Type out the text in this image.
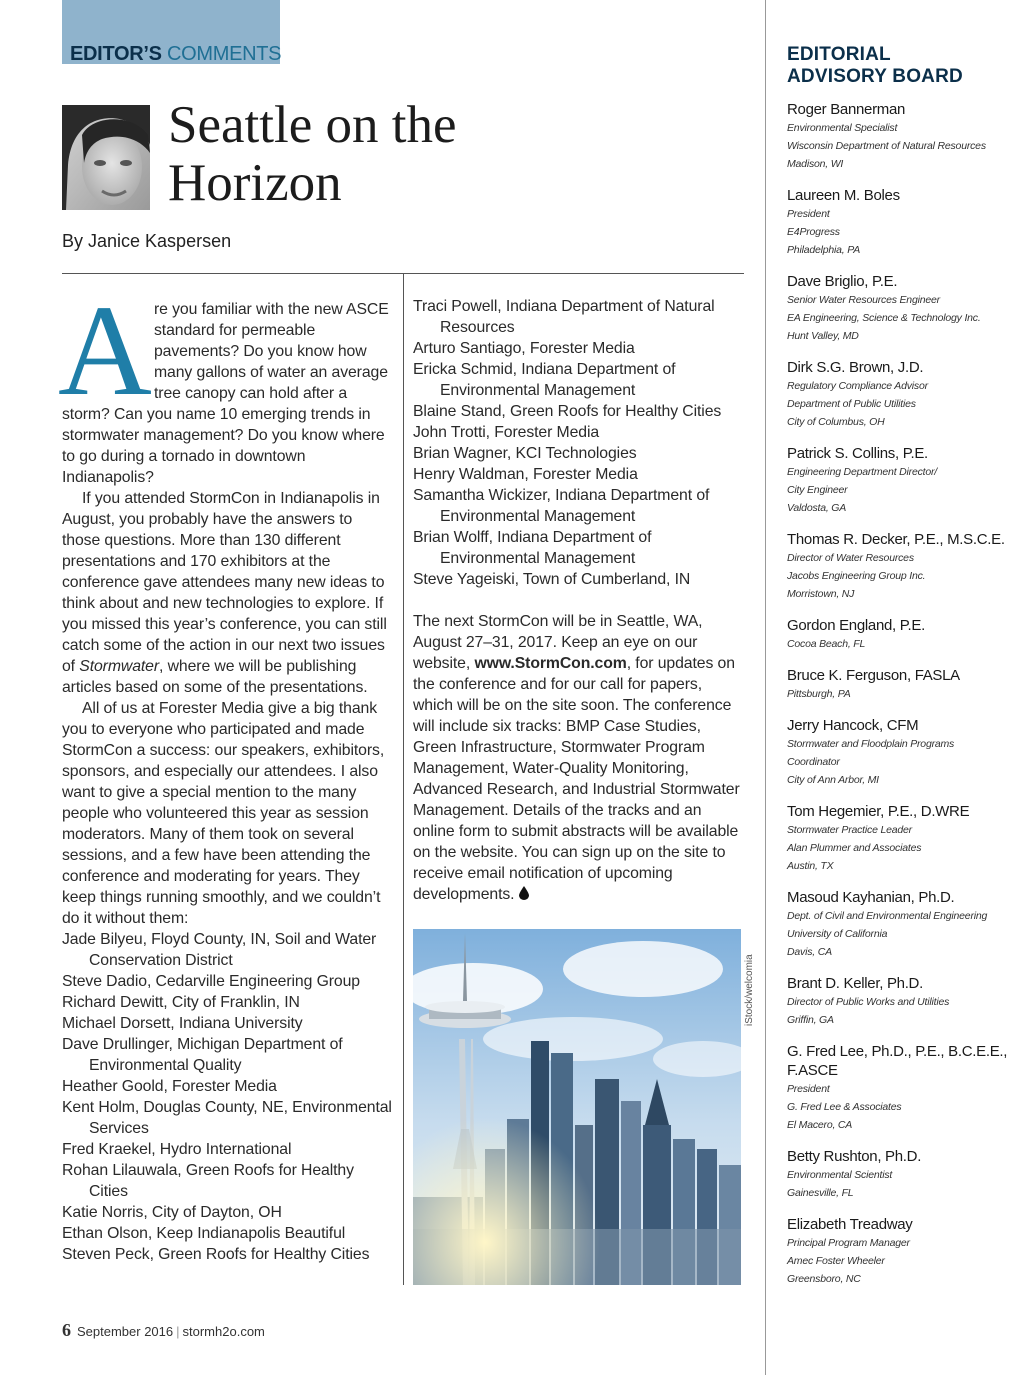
EDITOR’S COMMENTS
Seattle on the
Horizon
By Janice Kaspersen
A re you familiar with the new ASCE standard for permeable pavements? Do you know how many gallons of water an average tree canopy can hold after a storm? Can you name 10 emerging trends in stormwater management? Do you know where to go during a tornado in downtown Indianapolis?

If you attended StormCon in Indianapolis in August, you probably have the answers to those questions. More than 130 different presentations and 170 exhibitors at the conference gave attendees many new ideas to think about and new technologies to explore. If you missed this year’s conference, you can still catch some of the action in our next two issues of Stormwater, where we will be publishing articles based on some of the presentations.

All of us at Forester Media give a big thank you to everyone who participated and made StormCon a success: our speakers, exhibitors, sponsors, and especially our attendees. I also want to give a special mention to the many people who volunteered this year as session moderators. Many of them took on several sessions, and a few have been attending the conference and moderating for years. They keep things running smoothly, and we couldn’t do it without them:

Jade Bilyeu, Floyd County, IN, Soil and Water Conservation District
Steve Dadio, Cedarville Engineering Group
Richard Dewitt, City of Franklin, IN
Michael Dorsett, Indiana University
Dave Drullinger, Michigan Department of Environmental Quality
Heather Goold, Forester Media
Kent Holm, Douglas County, NE, Environmental Services
Fred Kraekel, Hydro International
Rohan Lilauwala, Green Roofs for Healthy Cities
Katie Norris, City of Dayton, OH
Ethan Olson, Keep Indianapolis Beautiful
Steven Peck, Green Roofs for Healthy Cities
Traci Powell, Indiana Department of Natural Resources
Arturo Santiago, Forester Media
Ericka Schmid, Indiana Department of Environmental Management
Blaine Stand, Green Roofs for Healthy Cities
John Trotti, Forester Media
Brian Wagner, KCI Technologies
Henry Waldman, Forester Media
Samantha Wickizer, Indiana Department of Environmental Management
Brian Wolff, Indiana Department of Environmental Management
Steve Yageiski, Town of Cumberland, IN

The next StormCon will be in Seattle, WA, August 27–31, 2017. Keep an eye on our website, www.StormCon.com, for updates on the conference and for our call for papers, which will be on the site soon. The conference will include six tracks: BMP Case Studies, Green Infrastructure, Stormwater Program Management, Water-Quality Monitoring, Advanced Research, and Industrial Stormwater Management. Details of the tracks and an online form to submit abstracts will be available on the website. You can sign up on the site to receive email notification of upcoming developments.

iStock/welcomia
6 September 2016 | stormh2o.com
EDITORIAL
ADVISORY BOARD
Roger Bannerman
Environmental Specialist
Wisconsin Department of Natural Resources
Madison, WI
Laureen M. Boles
President
E4Progress
Philadelphia, PA
Dave Briglio, P.E.
Senior Water Resources Engineer
EA Engineering, Science & Technology Inc.
Hunt Valley, MD
Dirk S.G. Brown, J.D.
Regulatory Compliance Advisor
Department of Public Utilities
City of Columbus, OH
Patrick S. Collins, P.E.
Engineering Department Director/
City Engineer
Valdosta, GA
Thomas R. Decker, P.E., M.S.C.E.
Director of Water Resources
Jacobs Engineering Group Inc.
Morristown, NJ
Gordon England, P.E.
Cocoa Beach, FL
Bruce K. Ferguson, FASLA
Pittsburgh, PA
Jerry Hancock, CFM
Stormwater and Floodplain Programs
Coordinator
City of Ann Arbor, MI
Tom Hegemier, P.E., D.WRE
Stormwater Practice Leader
Alan Plummer and Associates
Austin, TX
Masoud Kayhanian, Ph.D.
Dept. of Civil and Environmental Engineering
University of California
Davis, CA
Brant D. Keller, Ph.D.
Director of Public Works and Utilities
Griffin, GA
G. Fred Lee, Ph.D., P.E., B.C.E.E., F.ASCE
President
G. Fred Lee & Associates
El Macero, CA
Betty Rushton, Ph.D.
Environmental Scientist
Gainesville, FL
Elizabeth Treadway
Principal Program Manager
Amec Foster Wheeler
Greensboro, NC
